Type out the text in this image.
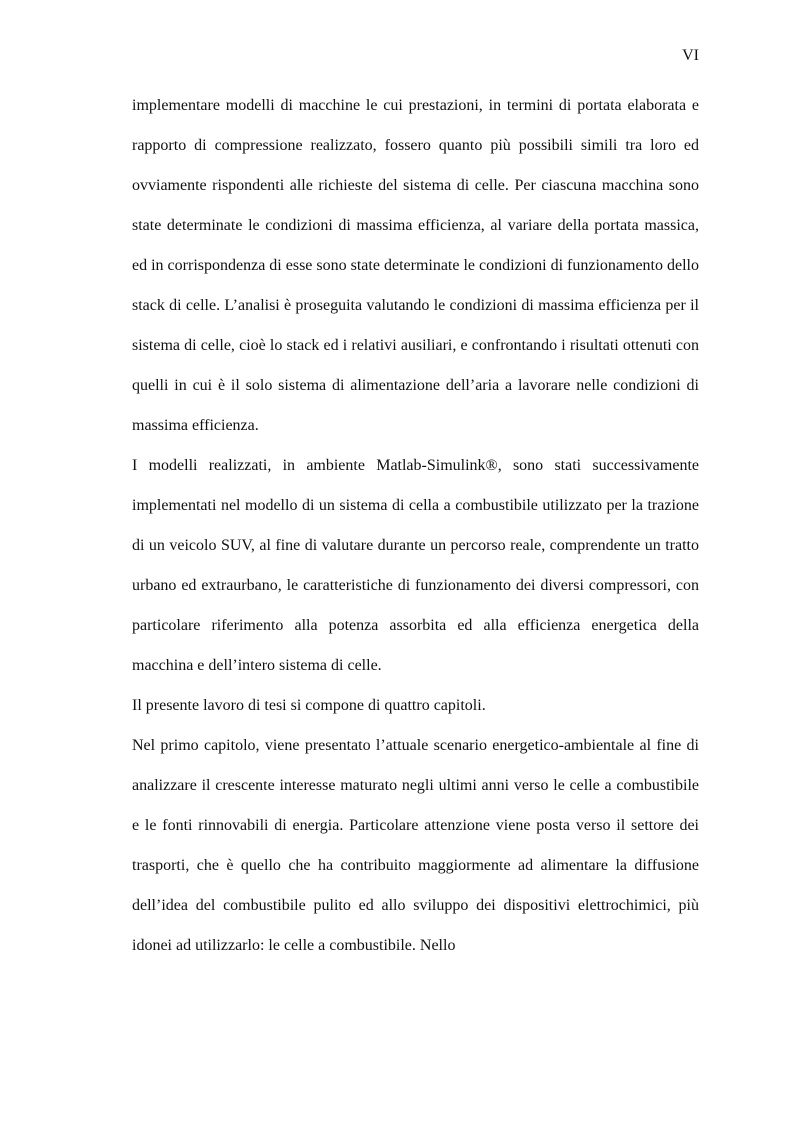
VI

implementare modelli di macchine le cui prestazioni, in termini di portata elaborata e rapporto di compressione realizzato, fossero quanto più possibili simili tra loro ed ovviamente rispondenti alle richieste del sistema di celle. Per ciascuna macchina sono state determinate le condizioni di massima efficienza, al variare della portata massica, ed in corrispondenza di esse sono state determinate le condizioni di funzionamento dello stack di celle. L’analisi è proseguita valutando le condizioni di massima efficienza per il sistema di celle, cioè lo stack ed i relativi ausiliari, e confrontando i risultati ottenuti con quelli in cui è il solo sistema di alimentazione dell’aria a lavorare nelle condizioni di massima efficienza.

I modelli realizzati, in ambiente Matlab-Simulink®, sono stati successivamente implementati nel modello di un sistema di cella a combustibile utilizzato per la trazione di un veicolo SUV, al fine di valutare durante un percorso reale, comprendente un tratto urbano ed extraurbano, le caratteristiche di funzionamento dei diversi compressori, con particolare riferimento alla potenza assorbita ed alla efficienza energetica della macchina e dell’intero sistema di celle.

Il presente lavoro di tesi si compone di quattro capitoli.

Nel primo capitolo, viene presentato l’attuale scenario energetico-ambientale al fine di analizzare il crescente interesse maturato negli ultimi anni verso le celle a combustibile e le fonti rinnovabili di energia. Particolare attenzione viene posta verso il settore dei trasporti, che è quello che ha contribuito maggiormente ad alimentare la diffusione dell’idea del combustibile pulito ed allo sviluppo dei dispositivi elettrochimici, più idonei ad utilizzarlo: le celle a combustibile. Nello
